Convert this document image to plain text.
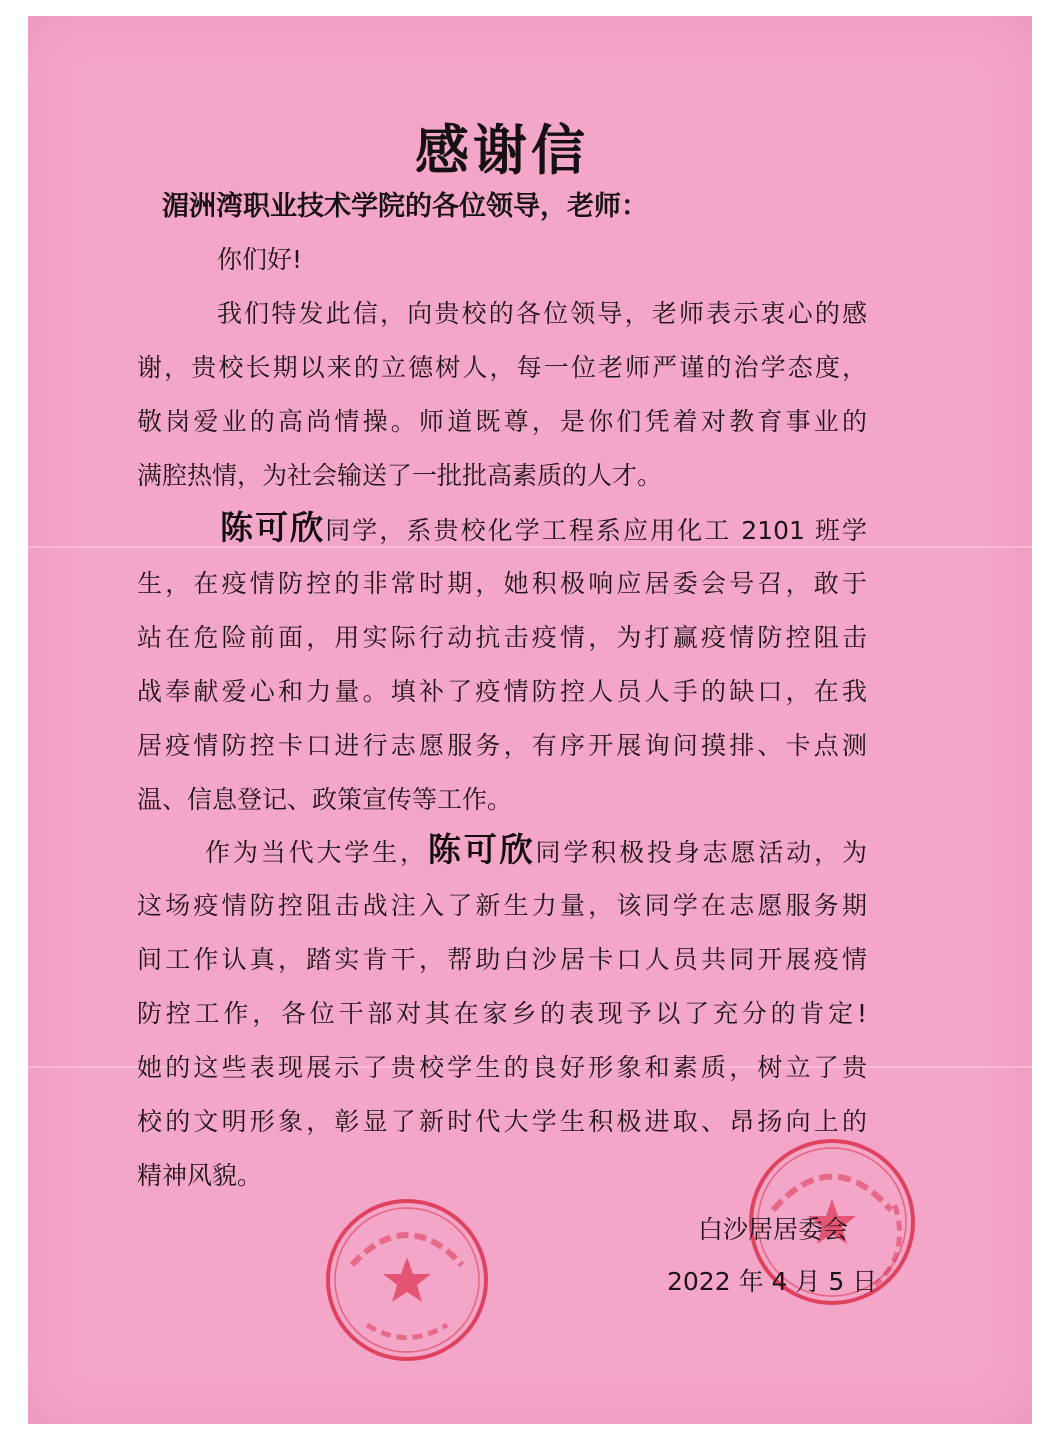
感谢信
湄洲湾职业技术学院的各位领导，老师：
你们好!
我们特发此信，向贵校的各位领导，老师表示衷心的感
谢，贵校长期以来的立德树人，每一位老师严谨的治学态度，
敬岗爱业的高尚情操。师道既尊，是你们凭着对教育事业的
满腔热情，为社会输送了一批批高素质的人才。
陈可欣同学，系贵校化学工程系应用化工 2101 班学
生，在疫情防控的非常时期，她积极响应居委会号召，敢于
站在危险前面，用实际行动抗击疫情，为打赢疫情防控阻击
战奉献爱心和力量。填补了疫情防控人员人手的缺口，在我
居疫情防控卡口进行志愿服务，有序开展询问摸排、卡点测
温、信息登记、政策宣传等工作。
作为当代大学生，陈可欣同学积极投身志愿活动，为
这场疫情防控阻击战注入了新生力量，该同学在志愿服务期
间工作认真，踏实肯干，帮助白沙居卡口人员共同开展疫情
防控工作，各位干部对其在家乡的表现予以了充分的肯定!
她的这些表现展示了贵校学生的良好形象和素质，树立了贵
校的文明形象，彰显了新时代大学生积极进取、昂扬向上的
精神风貌。
白沙居居委会
2022 年 4 月 5 日
